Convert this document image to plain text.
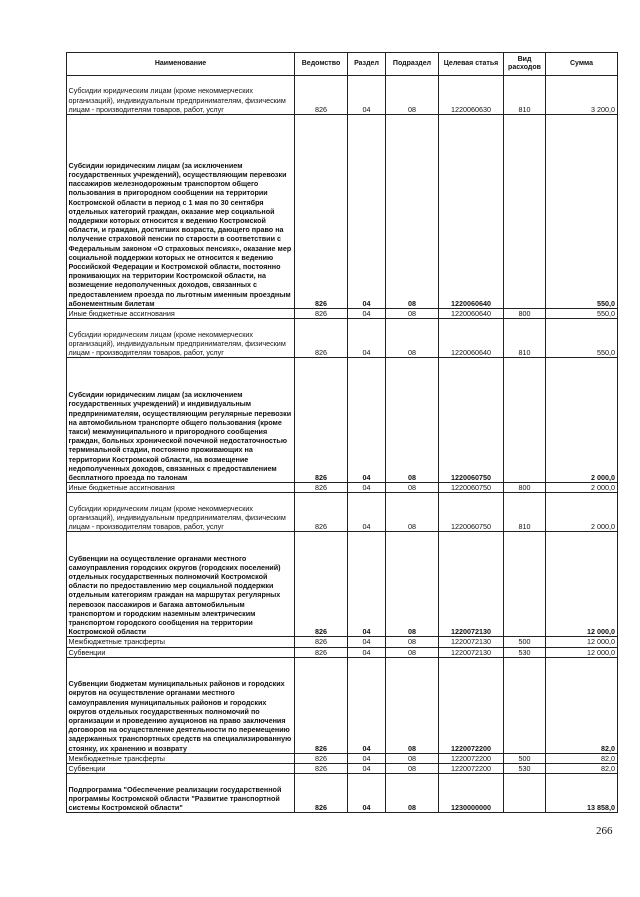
Наименование	Ведомство	Раздел	Подраздел	Целевая статья	Вид расходов	Сумма
Субсидии юридическим лицам (кроме некоммерческих организаций), индивидуальным предпринимателям, физическим лицам - производителям товаров, работ, услуг	826	04	08	1220060630	810	3 200,0
Субсидии юридическим лицам (за исключением государственных учреждений), осуществляющим перевозки пассажиров железнодорожным транспортом общего пользования в пригородном сообщении на территории Костромской области в период с 1 мая по 30 сентября отдельных категорий граждан, оказание мер социальной поддержки которых относится к ведению Костромской области, и граждан, достигших возраста, дающего право на получение страховой пенсии по старости в соответствии с Федеральным законом «О страховых пенсиях», оказание мер социальной поддержки которых не относится к ведению Российской Федерации и Костромской области, постоянно проживающих на территории Костромской области, на возмещение недополученных доходов, связанных с предоставлением проезда по льготным именным проездным абонементным билетам	826	04	08	1220060640		550,0
Иные бюджетные ассигнования	826	04	08	1220060640	800	550,0
Субсидии юридическим лицам (кроме некоммерческих организаций), индивидуальным предпринимателям, физическим лицам - производителям товаров, работ, услуг	826	04	08	1220060640	810	550,0
Субсидии юридическим лицам (за исключением государственных учреждений) и индивидуальным предпринимателям, осуществляющим регулярные перевозки на автомобильном транспорте общего пользования (кроме такси) межмуниципального и пригородного сообщения граждан, больных хронической почечной недостаточностью терминальной стадии, постоянно проживающих на территории Костромской области, на возмещение недополученных доходов, связанных с предоставлением бесплатного проезда по талонам	826	04	08	1220060750		2 000,0
Иные бюджетные ассигнования	826	04	08	1220060750	800	2 000,0
Субсидии юридическим лицам (кроме некоммерческих организаций), индивидуальным предпринимателям, физическим лицам - производителям товаров, работ, услуг	826	04	08	1220060750	810	2 000,0
Субвенции на осуществление органами местного самоуправления городских округов (городских поселений) отдельных государственных полномочий Костромской области по предоставлению мер социальной поддержки отдельным категориям граждан на маршрутах регулярных перевозок пассажиров и багажа автомобильным транспортом и городским наземным электрическим транспортом городского сообщения на территории Костромской области	826	04	08	1220072130		12 000,0
Межбюджетные трансферты	826	04	08	1220072130	500	12 000,0
Субвенции	826	04	08	1220072130	530	12 000,0
Субвенции бюджетам муниципальных районов и городских округов на осуществление органами местного самоуправления муниципальных районов и городских округов отдельных государственных полномочий по организации и проведению аукционов на право заключения договоров на осуществление деятельности по перемещению задержанных транспортных средств на специализированную стоянку, их хранению и возврату	826	04	08	1220072200		82,0
Межбюджетные трансферты	826	04	08	1220072200	500	82,0
Субвенции	826	04	08	1220072200	530	82,0
Подпрограмма "Обеспечение реализации государственной программы Костромской области "Развитие транспортной системы Костромской области"	826	04	08	1230000000		13 858,0
266
